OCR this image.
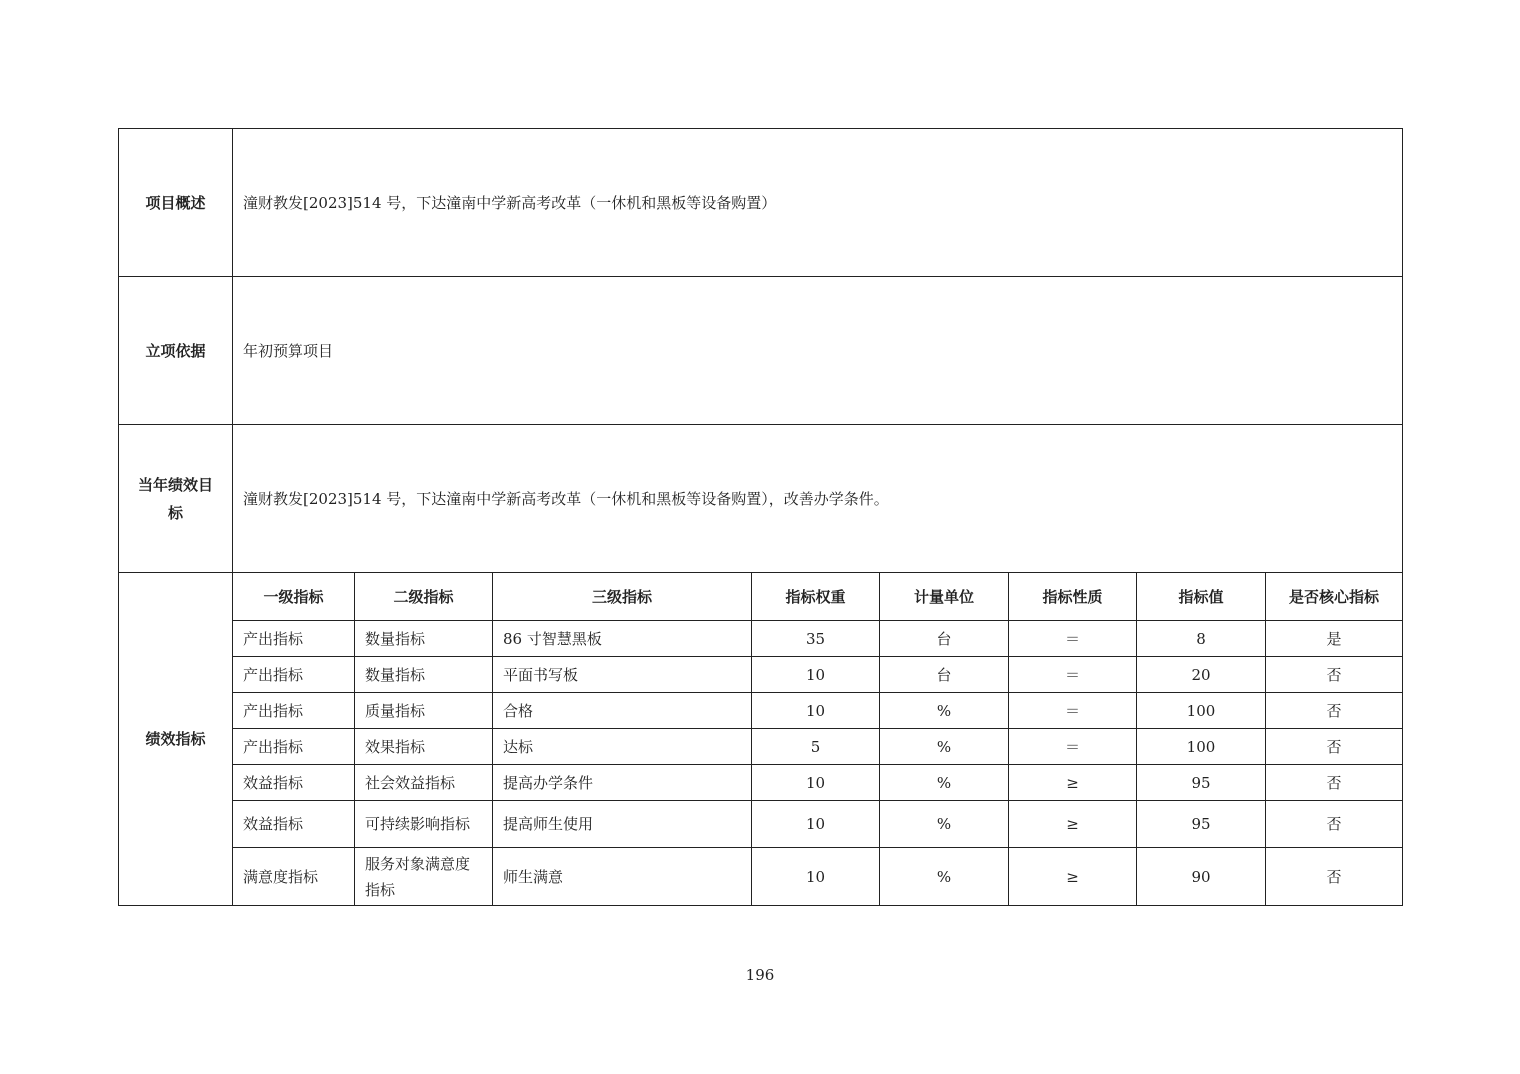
项目概述	潼财教发[2023]514 号，下达潼南中学新高考改革（一休机和黑板等设备购置）							
立项依据	年初预算项目							
当年绩效目标	潼财教发[2023]514 号，下达潼南中学新高考改革（一休机和黑板等设备购置），改善办学条件。							
绩效指标	一级指标	二级指标	三级指标	指标权重	计量单位	指标性质	指标值	是否核心指标
	产出指标	数量指标	86 寸智慧黑板	35	台	＝	8	是
	产出指标	数量指标	平面书写板	10	台	＝	20	否
	产出指标	质量指标	合格	10	%	＝	100	否
	产出指标	效果指标	达标	5	%	＝	100	否
	效益指标	社会效益指标	提高办学条件	10	%	≥	95	否
	效益指标	可持续影响指标	提高师生使用	10	%	≥	95	否
	满意度指标	服务对象满意度指标	师生满意	10	%	≥	90	否
196
